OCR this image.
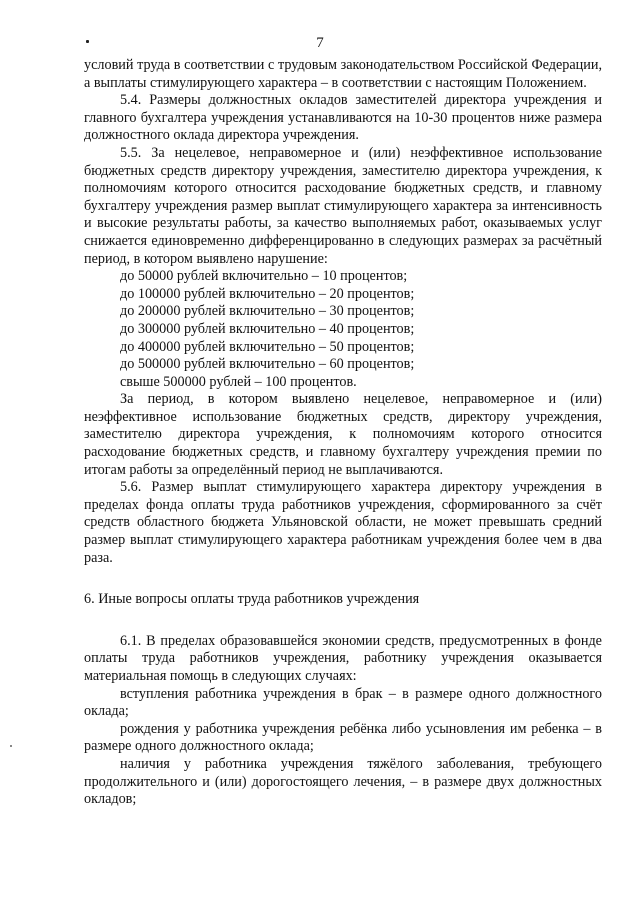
7

условий труда в соответствии с трудовым законодательством Российской Федерации, а выплаты стимулирующего характера – в соответствии с настоящим Положением.

5.4. Размеры должностных окладов заместителей директора учреждения и главного бухгалтера учреждения устанавливаются на 10-30 процентов ниже размера должностного оклада директора учреждения.

5.5. За нецелевое, неправомерное и (или) неэффективное использование бюджетных средств директору учреждения, заместителю директора учреждения, к полномочиям которого относится расходование бюджетных средств, и главному бухгалтеру учреждения размер выплат стимулирующего характера за интенсивность и высокие результаты работы, за качество выполняемых работ, оказываемых услуг снижается единовременно дифференцированно в следующих размерах за расчётный период, в котором выявлено нарушение:

до 50000 рублей включительно – 10 процентов;

до 100000 рублей включительно – 20 процентов;

до 200000 рублей включительно – 30 процентов;

до 300000 рублей включительно – 40 процентов;

до 400000 рублей включительно – 50 процентов;

до 500000 рублей включительно – 60 процентов;

свыше 500000 рублей – 100 процентов.

За период, в котором выявлено нецелевое, неправомерное и (или) неэффективное использование бюджетных средств, директору учреждения, заместителю директора учреждения, к полномочиям которого относится расходование бюджетных средств, и главному бухгалтеру учреждения премии по итогам работы за определённый период не выплачиваются.

5.6. Размер выплат стимулирующего характера директору учреждения в пределах фонда оплаты труда работников учреждения, сформированного за счёт средств областного бюджета Ульяновской области, не может превышать средний размер выплат стимулирующего характера работникам учреждения более чем в два раза.

6. Иные вопросы оплаты труда работников учреждения

6.1. В пределах образовавшейся экономии средств, предусмотренных в фонде оплаты труда работников учреждения, работнику учреждения оказывается материальная помощь в следующих случаях:

вступления работника учреждения в брак – в размере одного должностного оклада;

рождения у работника учреждения ребёнка либо усыновления им ребенка – в размере одного должностного оклада;

наличия у работника учреждения тяжёлого заболевания, требующего продолжительного и (или) дорогостоящего лечения, – в размере двух должностных окладов;
